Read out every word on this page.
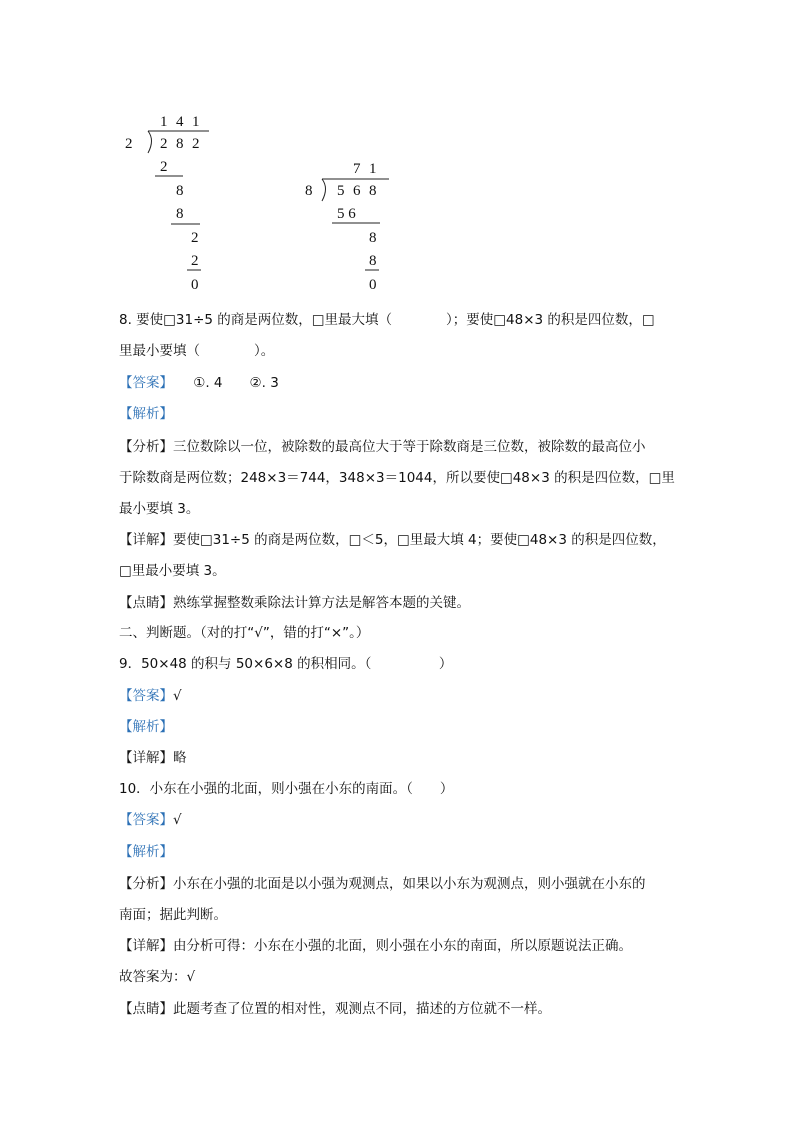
1 4 1
2 2 8 2
2
8
8
2
2
0
7 1
8 5 6 8
5 6
8
8
0
8. 要使□31÷5 的商是两位数，□里最大填（　　　　）；要使□48×3 的积是四位数，□
里最小要填（　　　　）。
【答案】　　①. 4　　②. 3
【解析】
【分析】三位数除以一位，被除数的最高位大于等于除数商是三位数，被除数的最高位小
于除数商是两位数；248×3＝744，348×3＝1044，所以要使□48×3 的积是四位数，□里
最小要填 3。
【详解】要使□31÷5 的商是两位数，□＜5，□里最大填 4；要使□48×3 的积是四位数，
□里最小要填 3。
【点睛】熟练掌握整数乘除法计算方法是解答本题的关键。
二、判断题。（对的打“√”，错的打“×”。）
9．50×48 的积与 50×6×8 的积相同。（　　　　　）
【答案】√
【解析】
【详解】略
10．小东在小强的北面，则小强在小东的南面。（　　）
【答案】√
【解析】
【分析】小东在小强的北面是以小强为观测点，如果以小东为观测点，则小强就在小东的
南面；据此判断。
【详解】由分析可得：小东在小强的北面，则小强在小东的南面，所以原题说法正确。
故答案为：√
【点睛】此题考查了位置的相对性，观测点不同，描述的方位就不一样。
